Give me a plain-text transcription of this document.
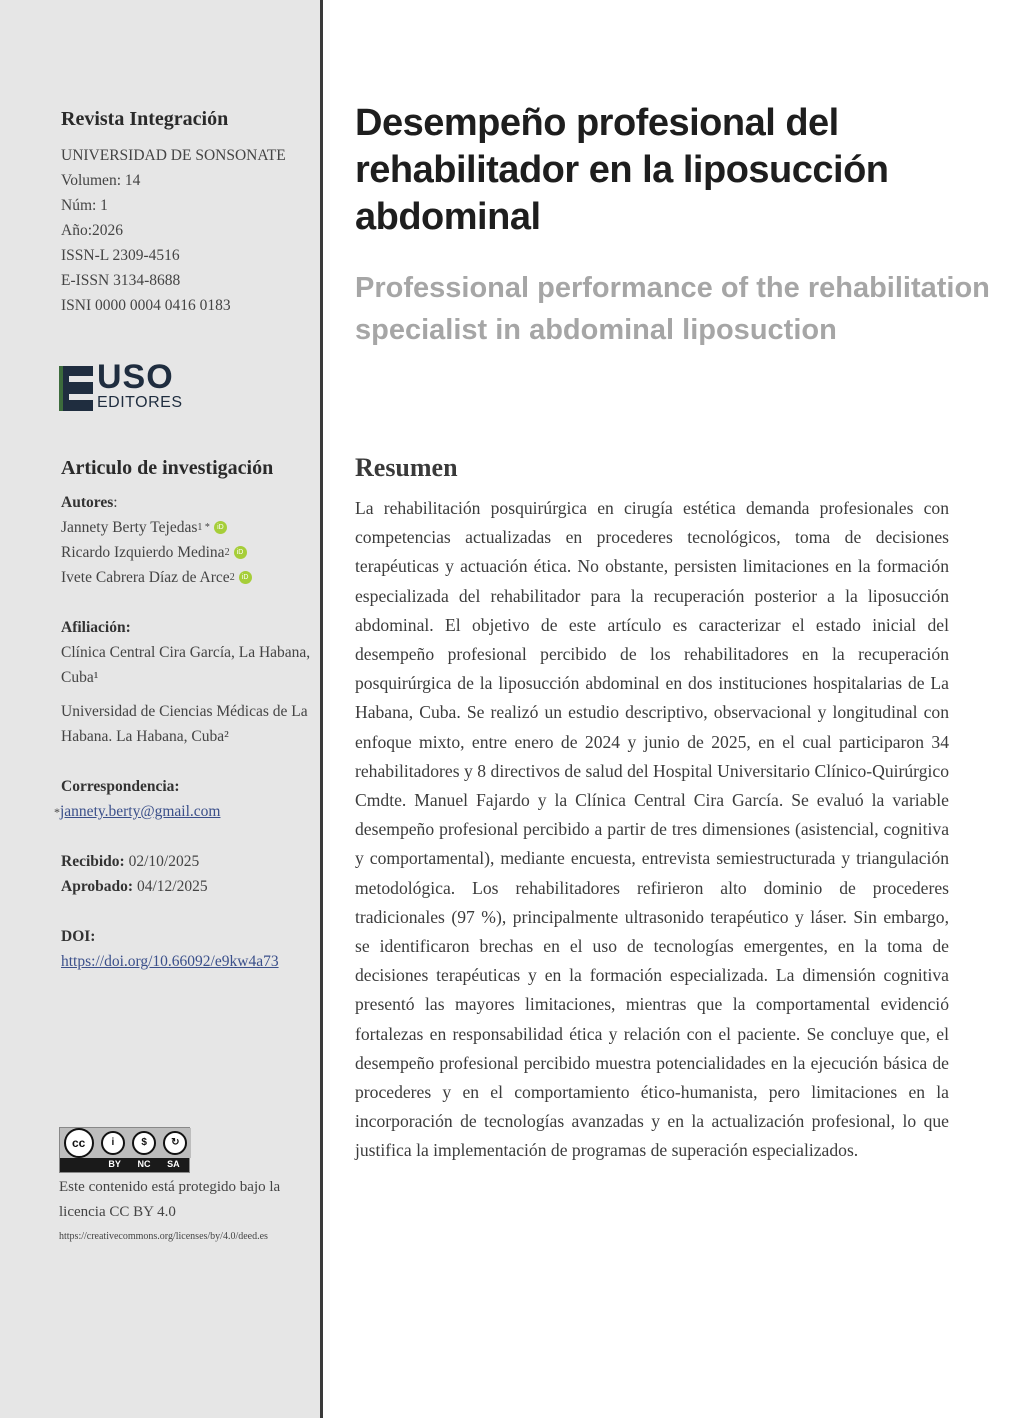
Revista Integración
UNIVERSIDAD DE SONSONATE
Volumen: 14
Núm: 1
Año:2026
ISSN-L 2309-4516
E-ISSN 3134-8688
ISNI 0000 0004 0416 0183
USO
EDITORES
Articulo de investigación
Autores:
Jannety Berty Tejedas 1 *	iD
Ricardo Izquierdo Medina 2	iD
Ivete Cabrera Díaz de Arce 2	iD
Afiliación:
Clínica Central Cira García, La Habana, Cuba¹
Universidad de Ciencias Médicas de La Habana. La Habana, Cuba²
Correspondencia:
*jannety.berty@gmail.com
Recibido: 02/10/2025
Aprobado: 04/12/2025
DOI:
https://doi.org/10.66092/e9kw4a73
cc	i	$	↻
BY NC SA
Este contenido está protegido bajo la licencia CC BY 4.0
https://creativecommons.org/licenses/by/4.0/deed.es
Desempeño profesional del rehabilitador en la liposucción abdominal
Professional performance of the rehabilitation specialist in abdominal liposuction
Resumen
La rehabilitación posquirúrgica en cirugía estética demanda profesionales con competencias actualizadas en procederes tecnológicos, toma de decisiones terapéuticas y actuación ética. No obstante, persisten limitaciones en la formación especializada del rehabilitador para la recuperación posterior a la liposucción abdominal. El objetivo de este artículo es caracterizar el estado inicial del desempeño profesional percibido de los rehabilitadores en la recuperación posquirúrgica de la liposucción abdominal en dos instituciones hospitalarias de La Habana, Cuba. Se realizó un estudio descriptivo, observacional y longitudinal con enfoque mixto, entre enero de 2024 y junio de 2025, en el cual participaron 34 rehabilitadores y 8 directivos de salud del Hospital Universitario Clínico-Quirúrgico Cmdte. Manuel Fajardo y la Clínica Central Cira García. Se evaluó la variable desempeño profesional percibido a partir de tres dimensiones (asistencial, cognitiva y comportamental), mediante encuesta, entrevista semiestructurada y triangulación metodológica. Los rehabilitadores refirieron alto dominio de procederes tradicionales (97 %), principalmente ultrasonido terapéutico y láser. Sin embargo, se identificaron brechas en el uso de tecnologías emergentes, en la toma de decisiones terapéuticas y en la formación especializada. La dimensión cognitiva presentó las mayores limitaciones, mientras que la comportamental evidenció fortalezas en responsabilidad ética y relación con el paciente. Se concluye que, el desempeño profesional percibido muestra potencialidades en la ejecución básica de procederes y en el comportamiento ético-humanista, pero limitaciones en la incorporación de tecnologías avanzadas y en la actualización profesional, lo que justifica la implementación de programas de superación especializados.
